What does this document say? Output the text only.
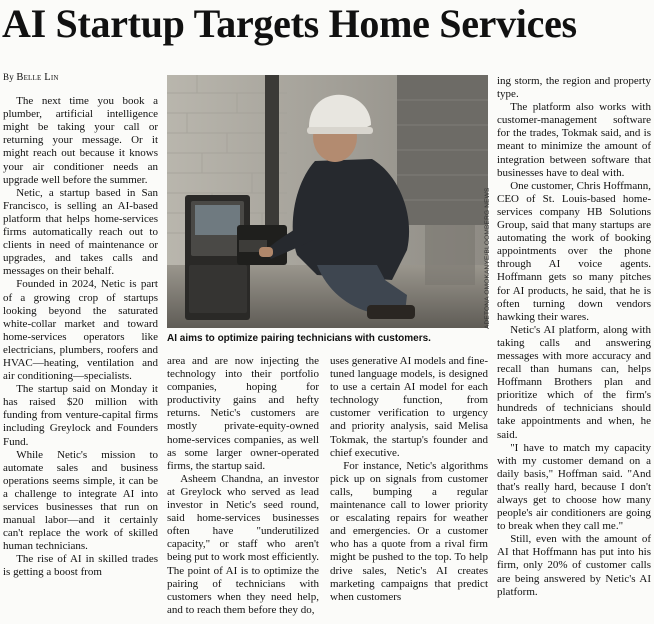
AI Startup Targets Home Services

By Belle Lin

The next time you book a plumber, artificial intelligence might be taking your call or returning your message. Or it might reach out because it knows your air conditioner needs an upgrade well before the summer.

Netic, a startup based in San Francisco, is selling an AI-based platform that helps home-services firms automatically reach out to clients in need of maintenance or upgrades, and takes calls and messages on their behalf.

Founded in 2024, Netic is part of a growing crop of startups looking beyond the saturated white-collar market and toward home-services operators like electricians, plumbers, roofers and HVAC—heating, ventilation and air conditioning—specialists.

The startup said on Monday it has raised $20 million with funding from venture-capital firms including Greylock and Founders Fund.

While Netic's mission to automate sales and business operations seems simple, it can be a challenge to integrate AI into services businesses that run on manual labor—and it certainly can't replace the work of skilled human technicians.

The rise of AI in skilled trades is getting a boost from

ADETONA OMOKANYE/BLOOMBERG NEWS
AI aims to optimize pairing technicians with customers.

area and are now injecting the technology into their portfolio companies, hoping for productivity gains and hefty returns. Netic's customers are mostly private-equity-owned home-services companies, as well as some larger owner-operated firms, the startup said.

Asheem Chandna, an investor at Greylock who served as lead investor in Netic's seed round, said home-services businesses often have "underutilized capacity," or staff who aren't being put to work most efficiently. The point of AI is to optimize the pairing of technicians with customers when they need help, and to reach them before they do,

uses generative AI models and fine-tuned language models, is designed to use a certain AI model for each technology function, from customer verification to urgency and priority analysis, said Melisa Tokmak, the startup's founder and chief executive.

For instance, Netic's algorithms pick up on signals from customer calls, bumping a regular maintenance call to lower priority or escalating repairs for weather and emergencies. Or a customer who has a quote from a rival firm might be pushed to the top. To help drive sales, Netic's AI creates marketing campaigns that predict when customers

ing storm, the region and property type.

The platform also works with customer-management software for the trades, Tokmak said, and is meant to minimize the amount of integration between software that businesses have to deal with.

One customer, Chris Hoffmann, CEO of St. Louis-based home-services company HB Solutions Group, said that many startups are automating the work of booking appointments over the phone through AI voice agents. Hoffmann gets so many pitches for AI products, he said, that he is often turning down vendors hawking their wares.

Netic's AI platform, along with taking calls and answering messages with more accuracy and recall than humans can, helps Hoffmann Brothers plan and prioritize which of the firm's hundreds of technicians should take appointments and when, he said.

"I have to match my capacity with my customer demand on a daily basis," Hoffman said. "And that's really hard, because I don't always get to choose how many people's air conditioners are going to break when they call me."

Still, even with the amount of AI that Hoffmann has put into his firm, only 20% of customer calls are being answered by Netic's AI platform.
